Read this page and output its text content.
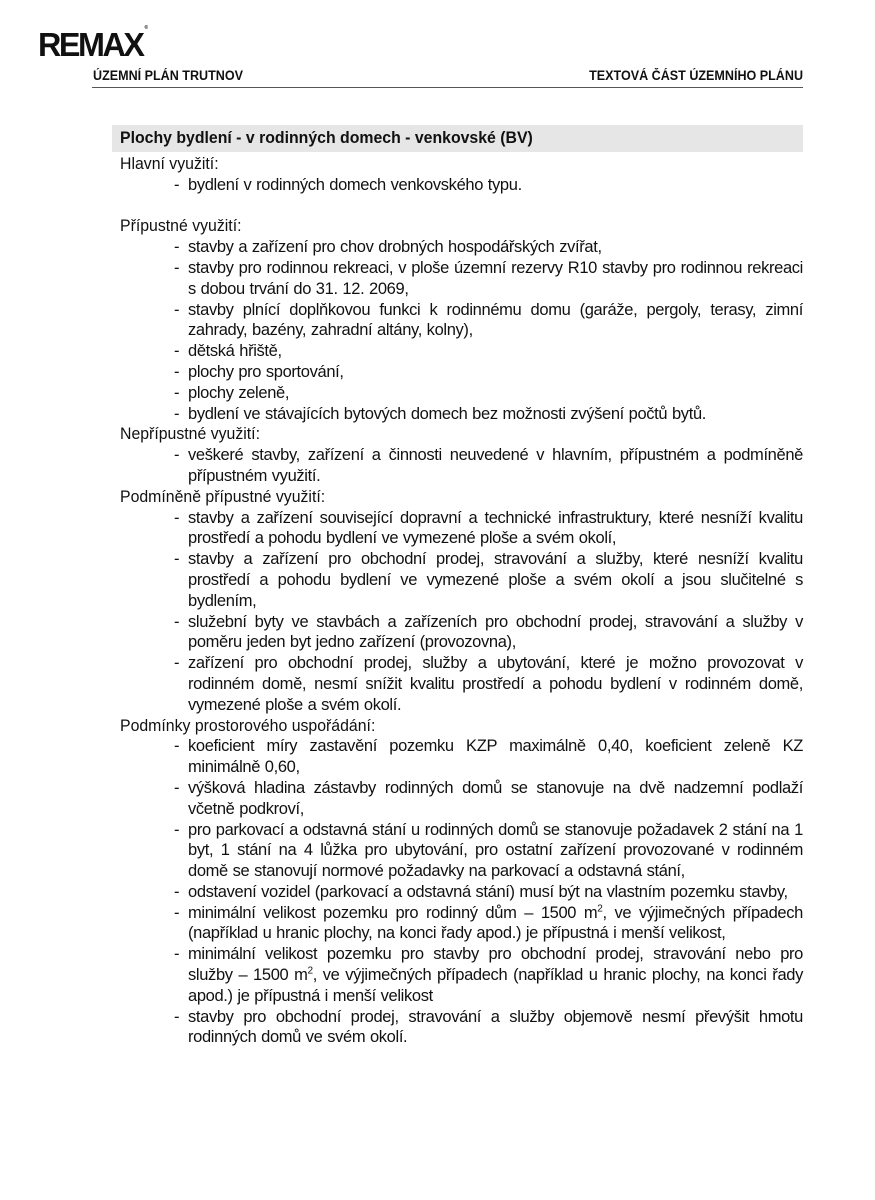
REMAX ®
ÚZEMNÍ PLÁN TRUTNOV	TEXTOVÁ ČÁST ÚZEMNÍHO PLÁNU
Plochy bydlení - v rodinných domech - venkovské (BV)
Hlavní využití:
- bydlení v rodinných domech venkovského typu.
Přípustné využití:
- stavby a zařízení pro chov drobných hospodářských zvířat,
- stavby pro rodinnou rekreaci, v ploše územní rezervy R10 stavby pro rodinnou rekreaci s dobou trvání do 31. 12. 2069,
- stavby plnící doplňkovou funkci k rodinnému domu (garáže, pergoly, terasy, zimní zahrady, bazény, zahradní altány, kolny),
- dětská hřiště,
- plochy pro sportování,
- plochy zeleně,
- bydlení ve stávajících bytových domech bez možnosti zvýšení počtů bytů.
Nepřípustné využití:
- veškeré stavby, zařízení a činnosti neuvedené v hlavním, přípustném a podmíněně přípustném využití.
Podmíněně přípustné využití:
- stavby a zařízení související dopravní a technické infrastruktury, které nesníží kvalitu prostředí a pohodu bydlení ve vymezené ploše a svém okolí,
- stavby a zařízení pro obchodní prodej, stravování a služby, které nesníží kvalitu prostředí a pohodu bydlení ve vymezené ploše a svém okolí a jsou slučitelné s bydlením,
- služební byty ve stavbách a zařízeních pro obchodní prodej, stravování a služby v poměru jeden byt jedno zařízení (provozovna),
- zařízení pro obchodní prodej, služby a ubytování, které je možno provozovat v rodinném domě, nesmí snížit kvalitu prostředí a pohodu bydlení v rodinném domě, vymezené ploše a svém okolí.
Podmínky prostorového uspořádání:
- koeficient míry zastavění pozemku KZP maximálně 0,40, koeficient zeleně KZ minimálně 0,60,
- výšková hladina zástavby rodinných domů se stanovuje na dvě nadzemní podlaží včetně podkroví,
- pro parkovací a odstavná stání u rodinných domů se stanovuje požadavek 2 stání na 1 byt, 1 stání na 4 lůžka pro ubytování, pro ostatní zařízení provozované v rodinném domě se stanovují normové požadavky na parkovací a odstavná stání,
- odstavení vozidel (parkovací a odstavná stání) musí být na vlastním pozemku stavby,
- minimální velikost pozemku pro rodinný dům – 1500 $m^2$, ve výjimečných případech (například u hranic plochy, na konci řady apod.) je přípustná i menší velikost,
- minimální velikost pozemku pro stavby pro obchodní prodej, stravování nebo pro služby – 1500 $m^2$, ve výjimečných případech (například u hranic plochy, na konci řady apod.) je přípustná i menší velikost
- stavby pro obchodní prodej, stravování a služby objemově nesmí převýšit hmotu rodinných domů ve svém okolí.
